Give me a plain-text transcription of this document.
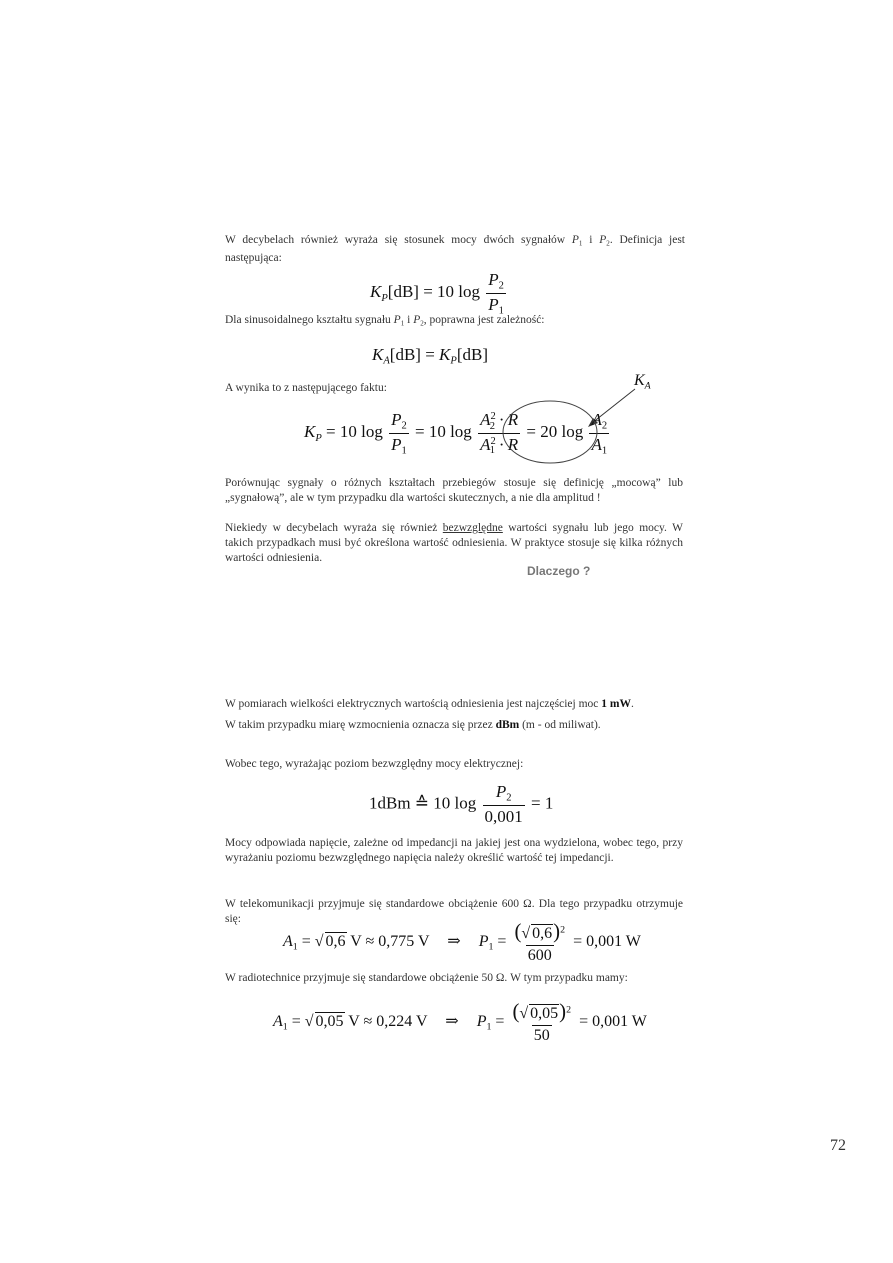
W decybelach również wyraża się stosunek mocy dwóch sygnałów $P_1$ i $P_2$. Definicja jest następująca:
$K_P[dB] = 10$ $\log \frac{P_2}{P_1}$
Dla sinusoidalnego kształtu sygnału $P_1$ i $P_2$, poprawna jest zależność:
$K_A[dB] = K_P[dB]$
A wynika to z następującego faktu:	$K_A$
$K_P = 10$ $\log \frac{P_2}{P_1} = 10$ $\log \frac{A^2_2 \cdot R}{A^2_1 \cdot R} = 20$ $\log \frac{A_2}{A_1}$
Porównując sygnały o różnych kształtach przebiegów stosuje się definicję „mocową” lub „sygnałową”, ale w tym przypadku dla wartości skutecznych, a nie dla amplitud !
Niekiedy w decybelach wyraża się również bezwzględne wartości sygnału lub jego mocy. W takich przypadkach musi być określona wartość odniesienia. W praktyce stosuje się kilka różnych wartości odniesienia.
Dlaczego ?
W pomiarach wielkości elektrycznych wartością odniesienia jest najczęściej moc 1 mW.
W takim przypadku miarę wzmocnienia oznacza się przez dBm (m - od miliwat).
Wobec tego, wyrażając poziom bezwzględny mocy elektrycznej:
1dBm ≙ 10 $\log \frac{P_2}{0,001} = 1$
Mocy odpowiada napięcie, zależne od impedancji na jakiej jest ona wydzielona, wobec tego, przy wyrażaniu poziomu bezwzględnego napięcia należy określić wartość tej impedancji.
W telekomunikacji przyjmuje się standardowe obciążenie 600 Ω. Dla tego przypadku otrzymuje się:
$A_1$ = √ 0,6 V ≈ 0,775 V ⇒ $P_1 = \frac{(√ 0,6)^2}{600} = 0,001$ W
W radiotechnice przyjmuje się standardowe obciążenie 50 Ω. W tym przypadku mamy:
$A_1$ = √ 0,05 V ≈ 0,224 V ⇒ $P_1 = \frac{(√ 0,05)^2}{50} = 0,001$ W
72
